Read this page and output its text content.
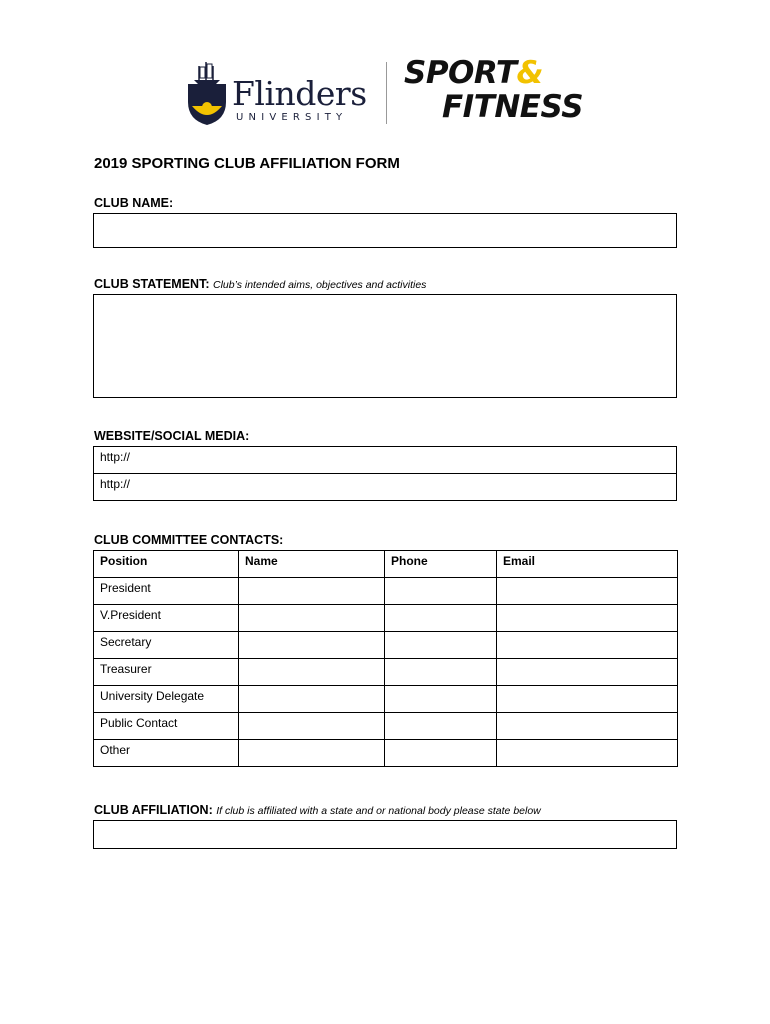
Flinders
UNIVERSITY
SPORT&
FITNESS
2019 SPORTING CLUB AFFILIATION FORM
CLUB NAME:
CLUB STATEMENT: Club’s intended aims, objectives and activities
WEBSITE/SOCIAL MEDIA:
http://
http://
CLUB COMMITTEE CONTACTS:
Position	Name	Phone	Email
President			
V.President			
Secretary			
Treasurer			
University Delegate			
Public Contact			
Other			
CLUB AFFILIATION: If club is affiliated with a state and or national body please state below
